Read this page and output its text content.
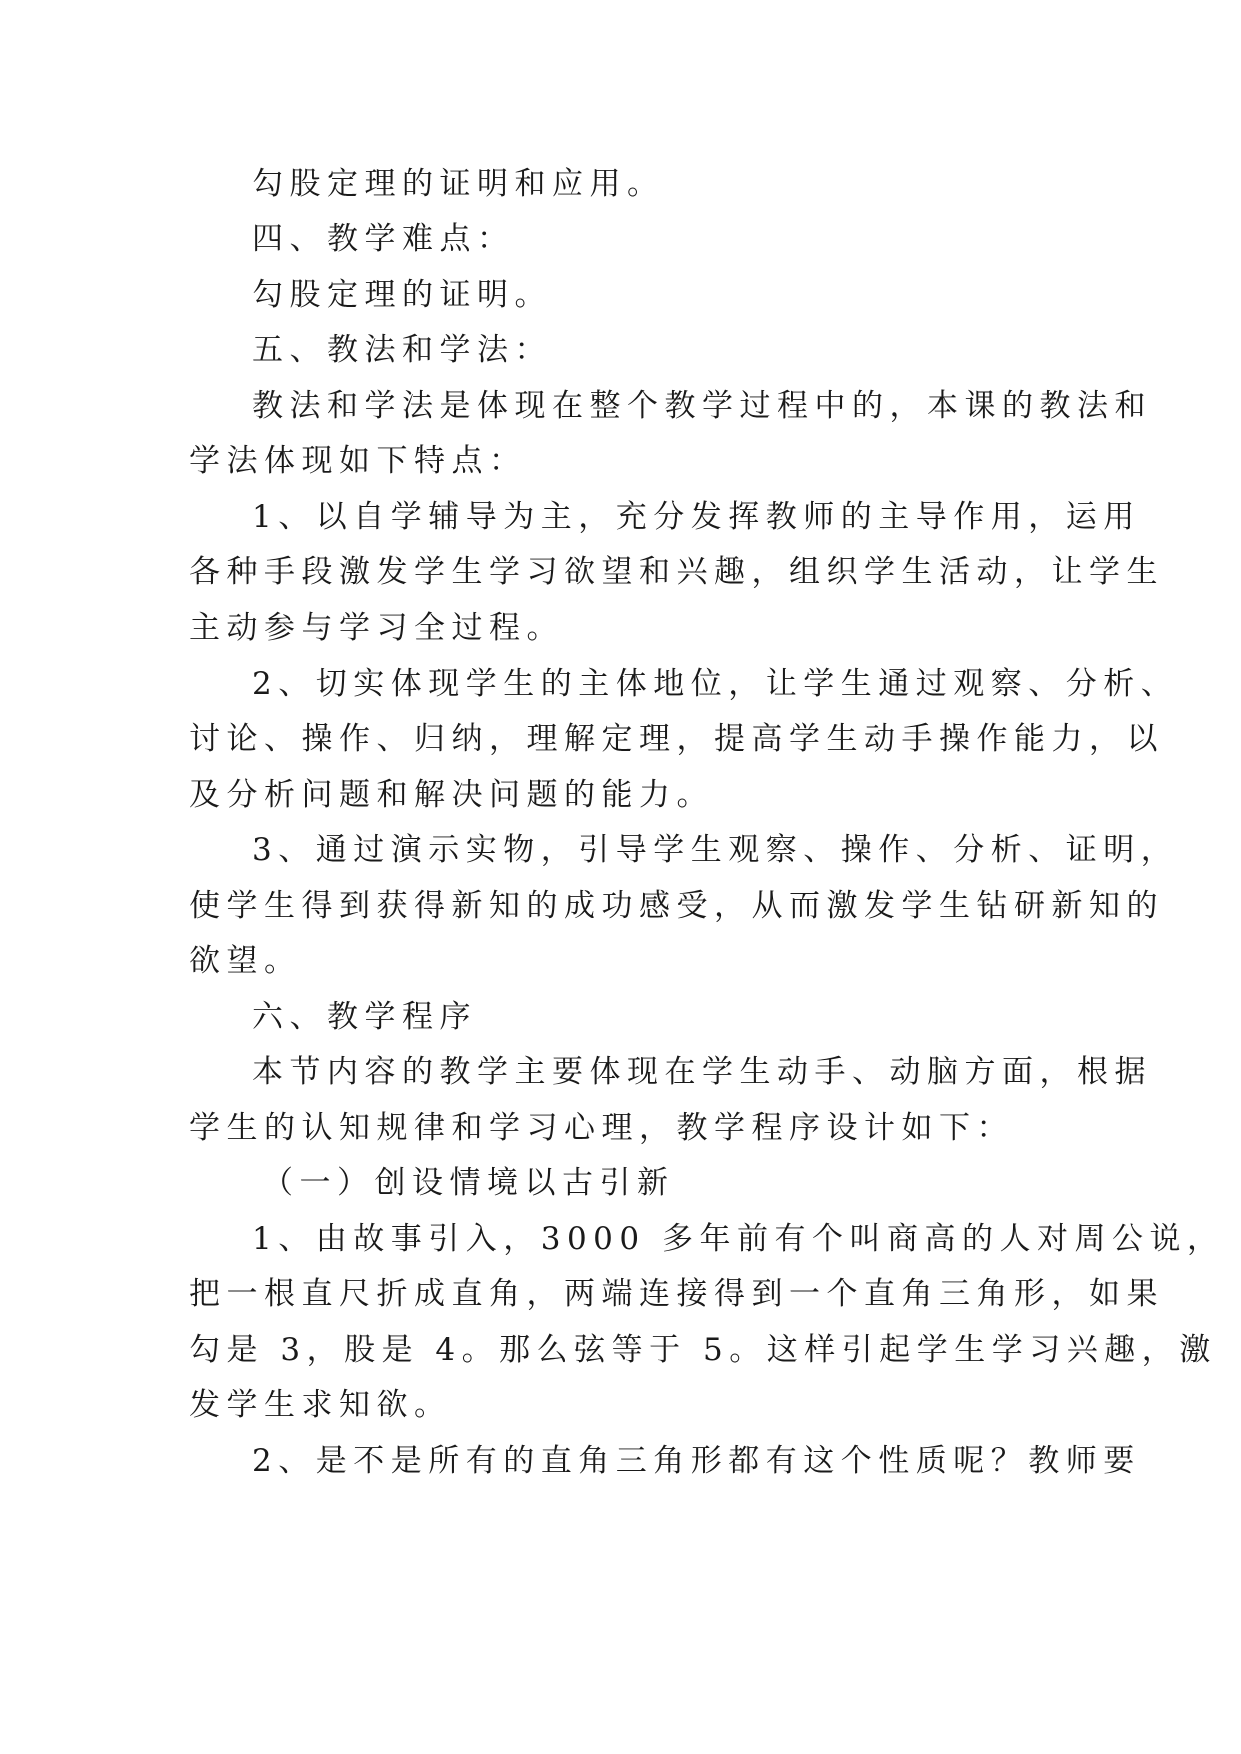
勾股定理的证明和应用。
四、教学难点：
勾股定理的证明。
五、教法和学法：
教法和学法是体现在整个教学过程中的，本课的教法和
学法体现如下特点：
1、以自学辅导为主，充分发挥教师的主导作用，运用
各种手段激发学生学习欲望和兴趣，组织学生活动，让学生
主动参与学习全过程。
2、切实体现学生的主体地位，让学生通过观察、分析、
讨论、操作、归纳，理解定理，提高学生动手操作能力，以
及分析问题和解决问题的能力。
3、通过演示实物，引导学生观察、操作、分析、证明，
使学生得到获得新知的成功感受，从而激发学生钻研新知的
欲望。
六、教学程序
本节内容的教学主要体现在学生动手、动脑方面，根据
学生的认知规律和学习心理，教学程序设计如下：
（一）创设情境以古引新
1、由故事引入，3000 多年前有个叫商高的人对周公说，
把一根直尺折成直角，两端连接得到一个直角三角形，如果
勾是 3，股是 4。那么弦等于 5。这样引起学生学习兴趣，激
发学生求知欲。
2、是不是所有的直角三角形都有这个性质呢？教师要
